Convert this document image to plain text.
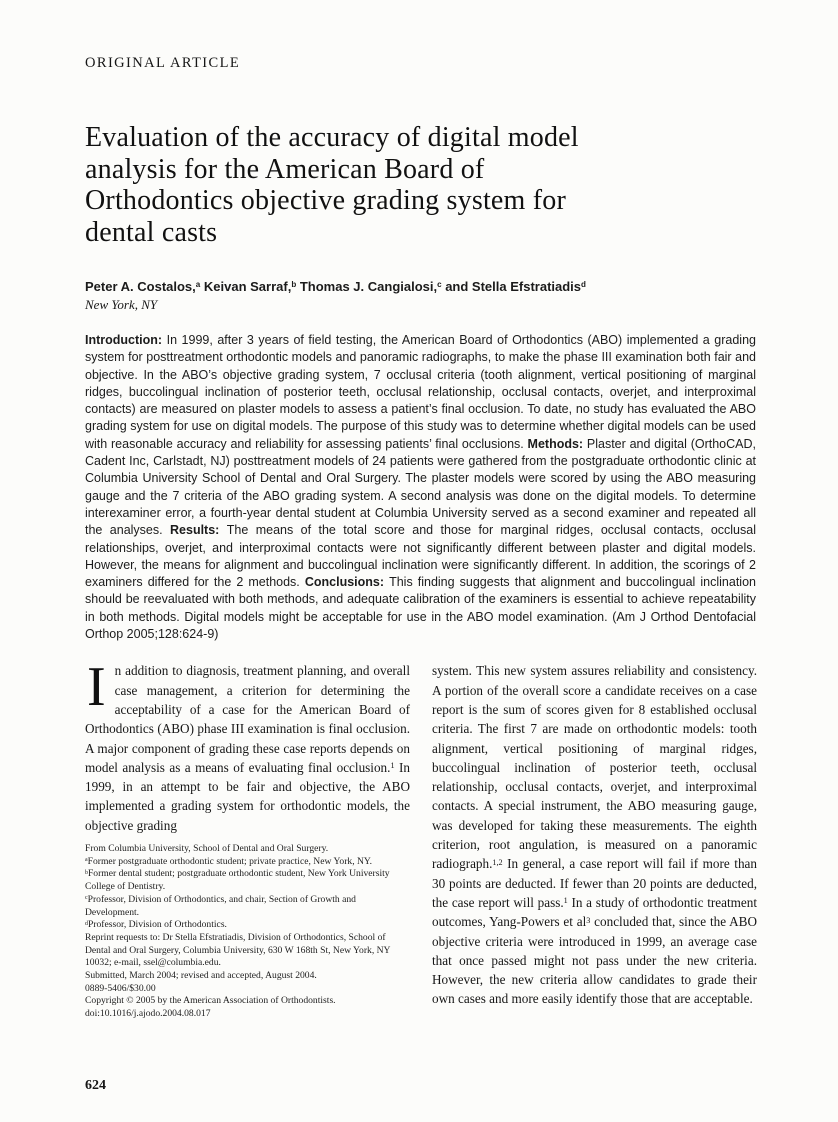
ORIGINAL ARTICLE
Evaluation of the accuracy of digital model
analysis for the American Board of
Orthodontics objective grading system for
dental casts
Peter A. Costalos,$^a$ Keivan Sarraf,$^b$ Thomas J. Cangialosi,$^c$ and Stella Efstratiadis$^d$
New York, NY

Introduction: In 1999, after 3 years of field testing, the American Board of Orthodontics (ABO) implemented a grading system for posttreatment orthodontic models and panoramic radiographs, to make the phase III examination both fair and objective. In the ABO’s objective grading system, 7 occlusal criteria (tooth alignment, vertical positioning of marginal ridges, buccolingual inclination of posterior teeth, occlusal relationship, occlusal contacts, overjet, and interproximal contacts) are measured on plaster models to assess a patient’s final occlusion. To date, no study has evaluated the ABO grading system for use on digital models. The purpose of this study was to determine whether digital models can be used with reasonable accuracy and reliability for assessing patients’ final occlusions. Methods: Plaster and digital (OrthoCAD, Cadent Inc, Carlstadt, NJ) posttreatment models of 24 patients were gathered from the postgraduate orthodontic clinic at Columbia University School of Dental and Oral Surgery. The plaster models were scored by using the ABO measuring gauge and the 7 criteria of the ABO grading system. A second analysis was done on the digital models. To determine interexaminer error, a fourth-year dental student at Columbia University served as a second examiner and repeated all the analyses. Results: The means of the total score and those for marginal ridges, occlusal contacts, occlusal relationships, overjet, and interproximal contacts were not significantly different between plaster and digital models. However, the means for alignment and buccolingual inclination were significantly different. In addition, the scorings of 2 examiners differed for the 2 methods. Conclusions: This finding suggests that alignment and buccolingual inclination should be reevaluated with both methods, and adequate calibration of the examiners is essential to achieve repeatability in both methods. Digital models might be acceptable for use in the ABO model examination. (Am J Orthod Dentofacial Orthop 2005;128:624-9)

In addition to diagnosis, treatment planning, and overall case management, a criterion for determining the acceptability of a case for the American Board of Orthodontics (ABO) phase III examination is final occlusion. A major component of grading these case reports depends on model analysis as a means of evaluating final occlusion.$^1$ In 1999, in an attempt to be fair and objective, the ABO implemented a grading system for orthodontic models, the objective grading

From Columbia University, School of Dental and Oral Surgery.
$^a$Former postgraduate orthodontic student; private practice, New York, NY.
$^b$Former dental student; postgraduate orthodontic student, New York University College of Dentistry.
$^c$Professor, Division of Orthodontics, and chair, Section of Growth and Development.
$^d$Professor, Division of Orthodontics.
Reprint requests to: Dr Stella Efstratiadis, Division of Orthodontics, School of Dental and Oral Surgery, Columbia University, 630 W 168th St, New York, NY 10032; e-mail, ssel@columbia.edu.
Submitted, March 2004; revised and accepted, August 2004.
0889-5406/$30.00
Copyright © 2005 by the American Association of Orthodontists.
doi:10.1016/j.ajodo.2004.08.017

system. This new system assures reliability and consistency. A portion of the overall score a candidate receives on a case report is the sum of scores given for 8 established occlusal criteria. The first 7 are made on orthodontic models: tooth alignment, vertical positioning of marginal ridges, buccolingual inclination of posterior teeth, occlusal relationship, occlusal contacts, overjet, and interproximal contacts. A special instrument, the ABO measuring gauge, was developed for taking these measurements. The eighth criterion, root angulation, is measured on a panoramic radiograph.$^{1,2}$ In general, a case report will fail if more than 30 points are deducted. If fewer than 20 points are deducted, the case report will pass.$^1$ In a study of orthodontic treatment outcomes, Yang-Powers et $al^3$ concluded that, since the ABO objective criteria were introduced in 1999, an average case that once passed might not pass under the new criteria. However, the new criteria allow candidates to grade their own cases and more easily identify those that are acceptable.

624
